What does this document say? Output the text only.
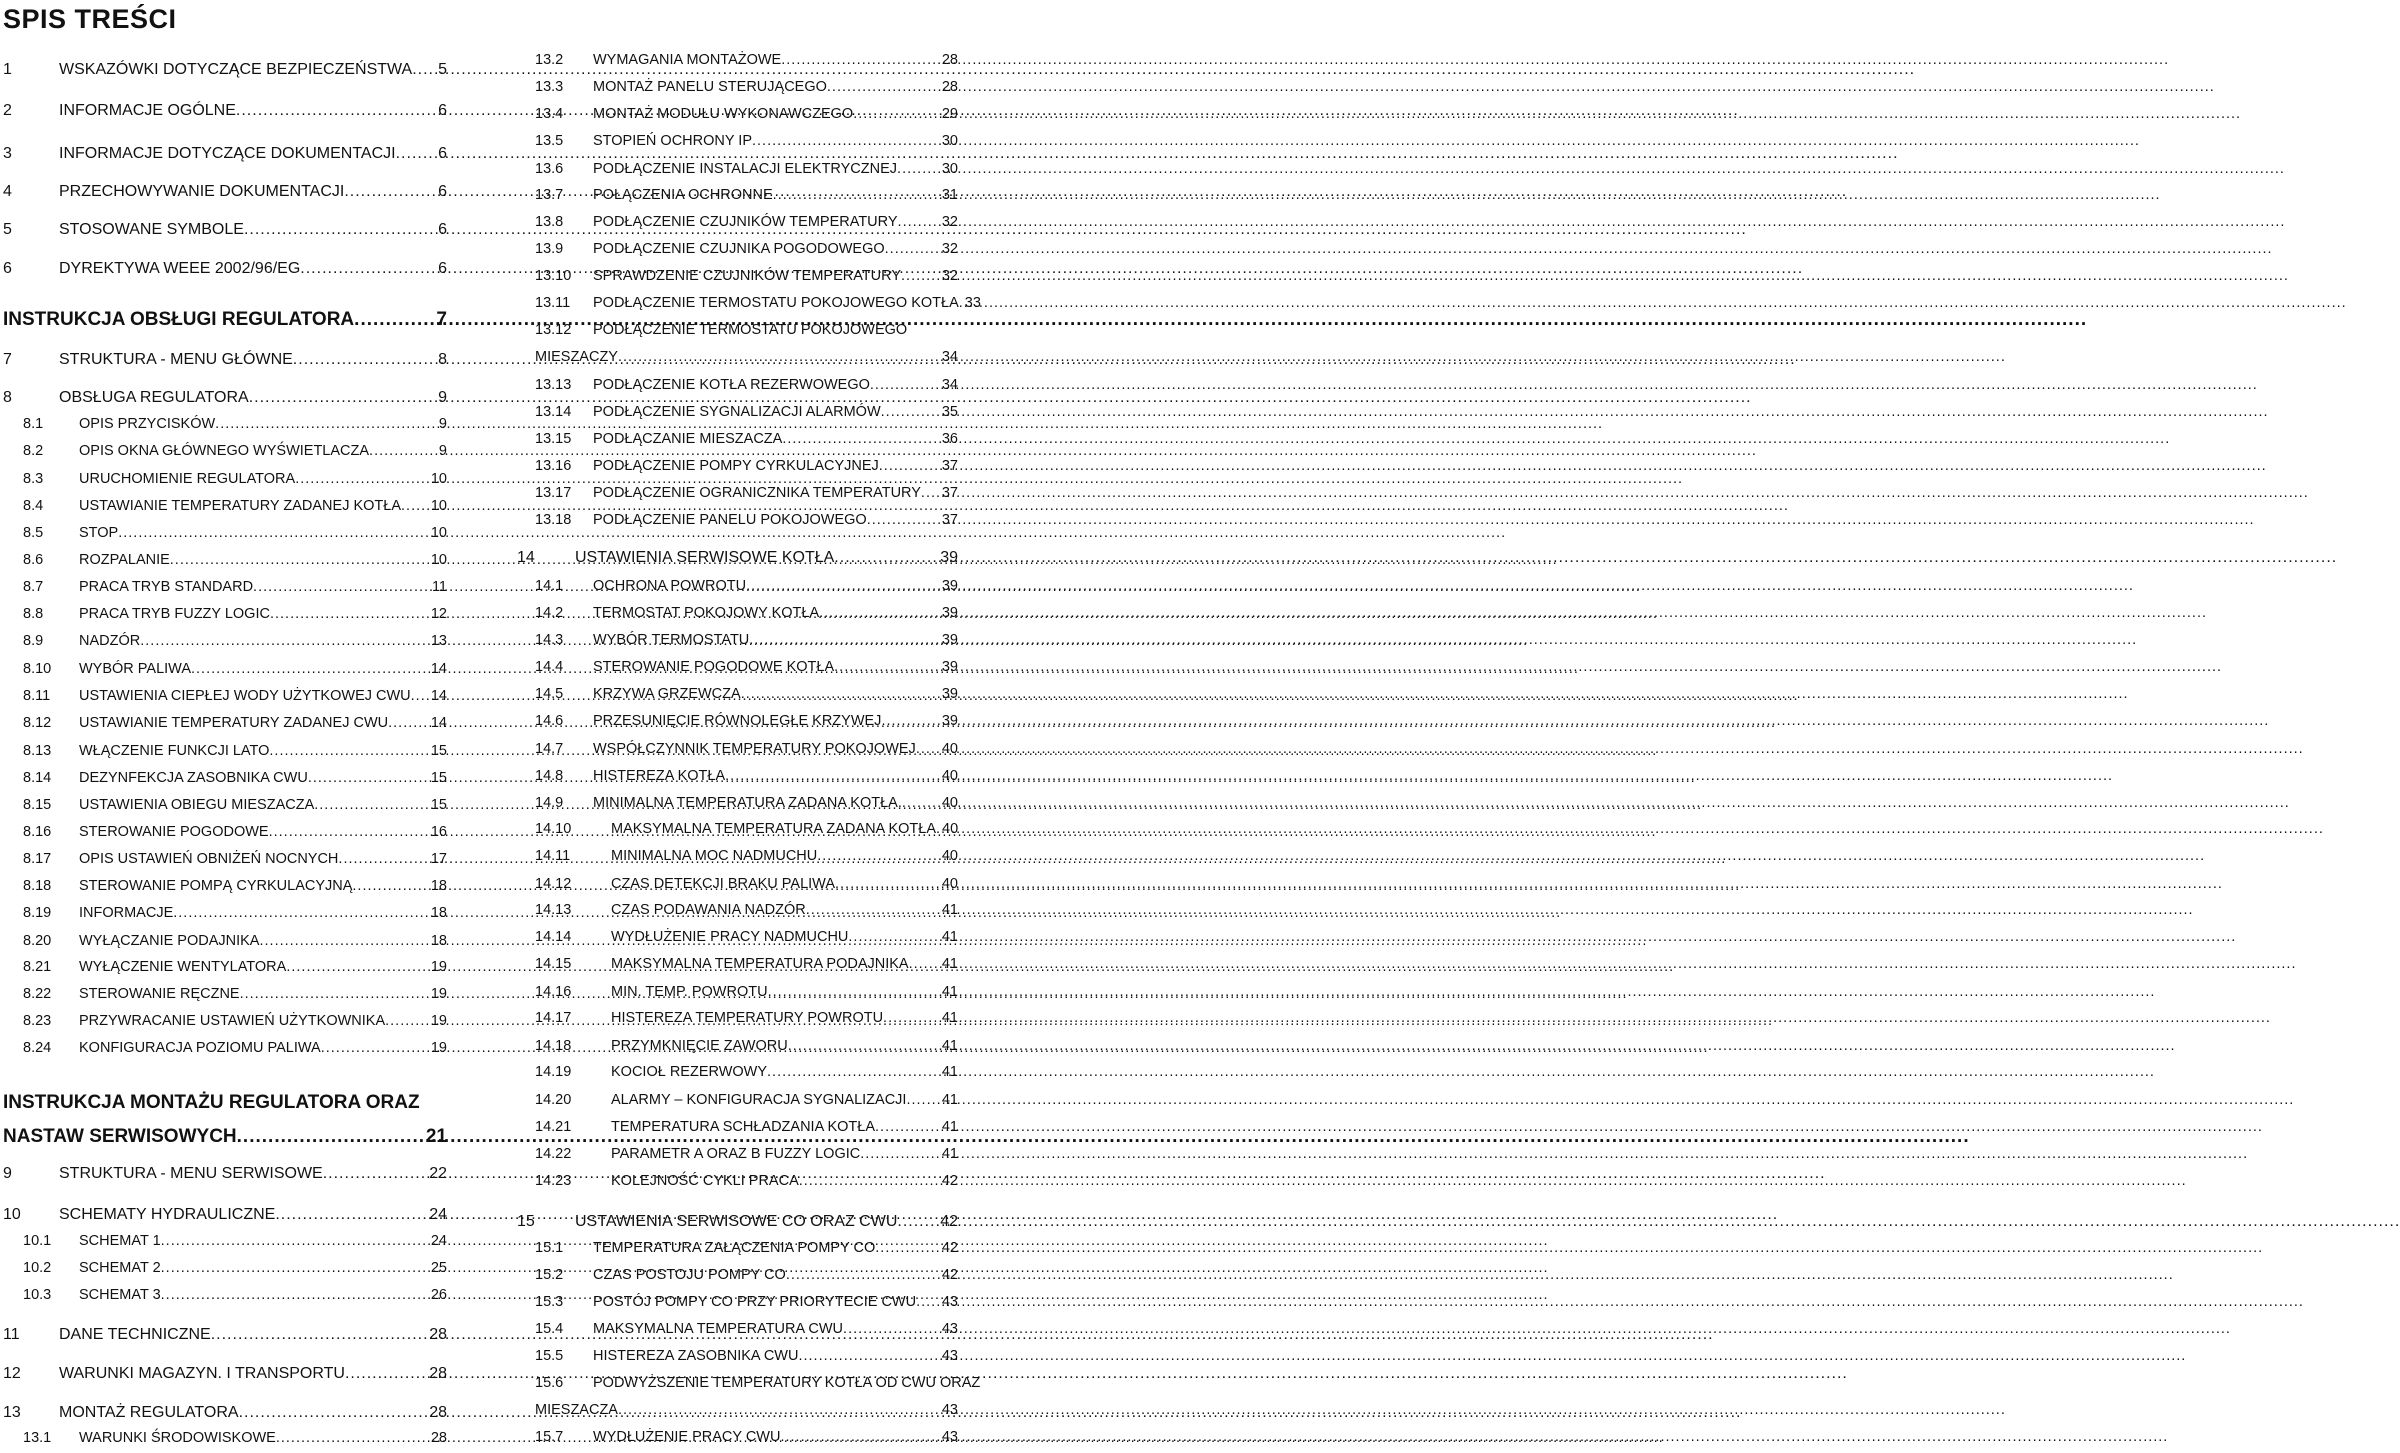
SPIS TREŚCI
1	WSKAZÓWKI DOTYCZĄCE BEZPIECZEŃSTWA ..... 5
2	INFORMACJE OGÓLNE .....	6
3	INFORMACJE DOTYCZĄCE DOKUMENTACJI .....	6
4	PRZECHOWYWANIE DOKUMENTACJI .....	6
5	STOSOWANE SYMBOLE .....	6
6	DYREKTYWA WEEE 2002/96/EG .....	6
INSTRUKCJA OBSŁUGI REGULATORA .....	7
7	STRUKTURA - MENU GŁÓWNE .....	8
8	OBSŁUGA REGULATORA .....	9
8.1 OPIS PRZYCISKÓW .....	9
8.2 OPIS OKNA GŁÓWNEGO WYŚWIETLACZA .....	9
8.3 URUCHOMIENIE REGULATORA .....	10
8.4 USTAWIANIE TEMPERATURY ZADANEJ KOTŁA ..... 10
8.5 STOP .....	10
8.6 ROZPALANIE .....	10
8.7 PRACA TRYB STANDARD .....	11
8.8 PRACA TRYB FUZZY LOGIC .....	12
8.9 NADZÓR .....	13
8.10 WYBÓR PALIWA .....	14
8.11 USTAWIENIA CIEPŁEJ WODY UŻYTKOWEJ CWU ..... 14
8.12 USTAWIANIE TEMPERATURY ZADANEJ CWU .....	14
8.13 WŁĄCZENIE FUNKCJI LATO .....	15
8.14 DEZYNFEKCJA ZASOBNIKA CWU .....	15
8.15 USTAWIENIA OBIEGU MIESZACZA .....	15
8.16 STEROWANIE POGODOWE .....	16
8.17 OPIS USTAWIEŃ OBNIŻEŃ NOCNYCH .....	17
8.18 STEROWANIE POMPĄ CYRKULACYJNĄ .....	18
8.19 INFORMACJE .....	18
8.20 WYŁĄCZANIE PODAJNIKA .....	18
8.21 WYŁĄCZENIE WENTYLATORA .....	19
8.22 STEROWANIE RĘCZNE .....	19
8.23 PRZYWRACANIE USTAWIEŃ UŻYTKOWNIKA .....	19
8.24 KONFIGURACJA POZIOMU PALIWA .....	19
INSTRUKCJA MONTAŻU REGULATORA ORAZ
NASTAW SERWISOWYCH .....	21
9	STRUKTURA - MENU SERWISOWE .....	22
10 SCHEMATY HYDRAULICZNE .....	24
10.1 SCHEMAT 1 .....	24
10.2 SCHEMAT 2 .....	25
10.3 SCHEMAT 3 .....	26
11 DANE TECHNICZNE .....	28
12 WARUNKI MAGAZYN. I TRANSPORTU .....	28
13 MONTAŻ REGULATORA .....	28
13.1 WARUNKI ŚRODOWISKOWE .....	28
13.2 WYMAGANIA MONTAŻOWE .....	28
13.3 MONTAŻ PANELU STERUJĄCEGO .....	28
13.4 MONTAŻ MODUŁU WYKONAWCZEGO .....	29
13.5 STOPIEŃ OCHRONY IP .....	30
13.6 PODŁĄCZENIE INSTALACJI ELEKTRYCZNEJ .....	30
13.7 POŁĄCZENIA OCHRONNE .....	31
13.8 PODŁĄCZENIE CZUJNIKÓW TEMPERATURY .....	32
13.9 PODŁĄCZENIE CZUJNIKA POGODOWEGO .....	32
13.10 SPRAWDZENIE CZUJNIKÓW TEMPERATURY .....	32
13.11 PODŁĄCZENIE TERMOSTATU POKOJOWEGO KOTŁA ..... 33
13.12 PODŁĄCZENIE TERMOSTATU POKOJOWEGO
MIESZACZY .....	34
13.13 PODŁĄCZENIE KOTŁA REZERWOWEGO .....	34
13.14 PODŁĄCZENIE SYGNALIZACJI ALARMÓW .....	35
13.15 PODŁĄCZANIE MIESZACZA .....	36
13.16 PODŁĄCZENIE POMPY CYRKULACYJNEJ .....	37
13.17 PODŁĄCZENIE OGRANICZNIKA TEMPERATURY ..... 37
13.18 PODŁĄCZENIE PANELU POKOJOWEGO .....	37
14	USTAWIENIA SERWISOWE KOTŁA .....	39
14.1 OCHRONA POWROTU .....	39
14.2 TERMOSTAT POKOJOWY KOTŁA .....	39
14.3 WYBÓR TERMOSTATU .....	39
14.4 STEROWANIE POGODOWE KOTŁA .....	39
14.5 KRZYWA GRZEWCZA .....	39
14.6 PRZESUNIĘCIE RÓWNOLEGŁE KRZYWEJ .....	39
14.7 WSPÓŁCZYNNIK TEMPERATURY POKOJOWEJ ..... 40
14.8 HISTEREZA KOTŁA .....	40
14.9 MINIMALNA TEMPERATURA ZADANA KOTŁA. .....	40
14.10	MAKSYMALNA TEMPERATURA ZADANA KOTŁA ..... 40
14.11	MINIMALNA MOC NADMUCHU .....	40
14.12	CZAS DETEKCJI BRAKU PALIWA .....	40
14.13	CZAS PODAWANIA NADZÓR .....	41
14.14	WYDŁUŻENIE PRACY NADMUCHU .....	41
14.15	MAKSYMALNA TEMPERATURA PODAJNIKA ..... 41
14.16	MIN. TEMP. POWROTU .....	41
14.17	HISTEREZA TEMPERATURY POWROTU .....	41
14.18	PRZYMKNIĘCIE ZAWORU .....	41
14.19	KOCIOŁ REZERWOWY .....	41
14.20	ALARMY – KONFIGURACJA SYGNALIZACJI ..... 41
14.21	TEMPERATURA SCHŁADZANIA KOTŁA .....	41
14.22	PARAMETR A ORAZ B FUZZY LOGIC .....	41
14.23	KOLEJNOŚĆ CYKLI PRACA .....	42
15	USTAWIENIA SERWISOWE CO ORAZ CWU .....	42
15.1 TEMPERATURA ZAŁĄCZENIA POMPY CO .....	42
15.2 CZAS POSTOJU POMPY CO .....	42
15.3 POSTÓJ POMPY CO PRZY PRIORYTECIE CWU ..... 43
15.4 MAKSYMALNA TEMPERATURA CWU .....	43
15.5 HISTEREZA ZASOBNIKA CWU .....	43
15.6 PODWYŻSZENIE TEMPERATURY KOTŁA OD CWU ORAZ
MIESZACZA .....	43
15.7 WYDŁUŻENIE PRACY CWU .....	43
